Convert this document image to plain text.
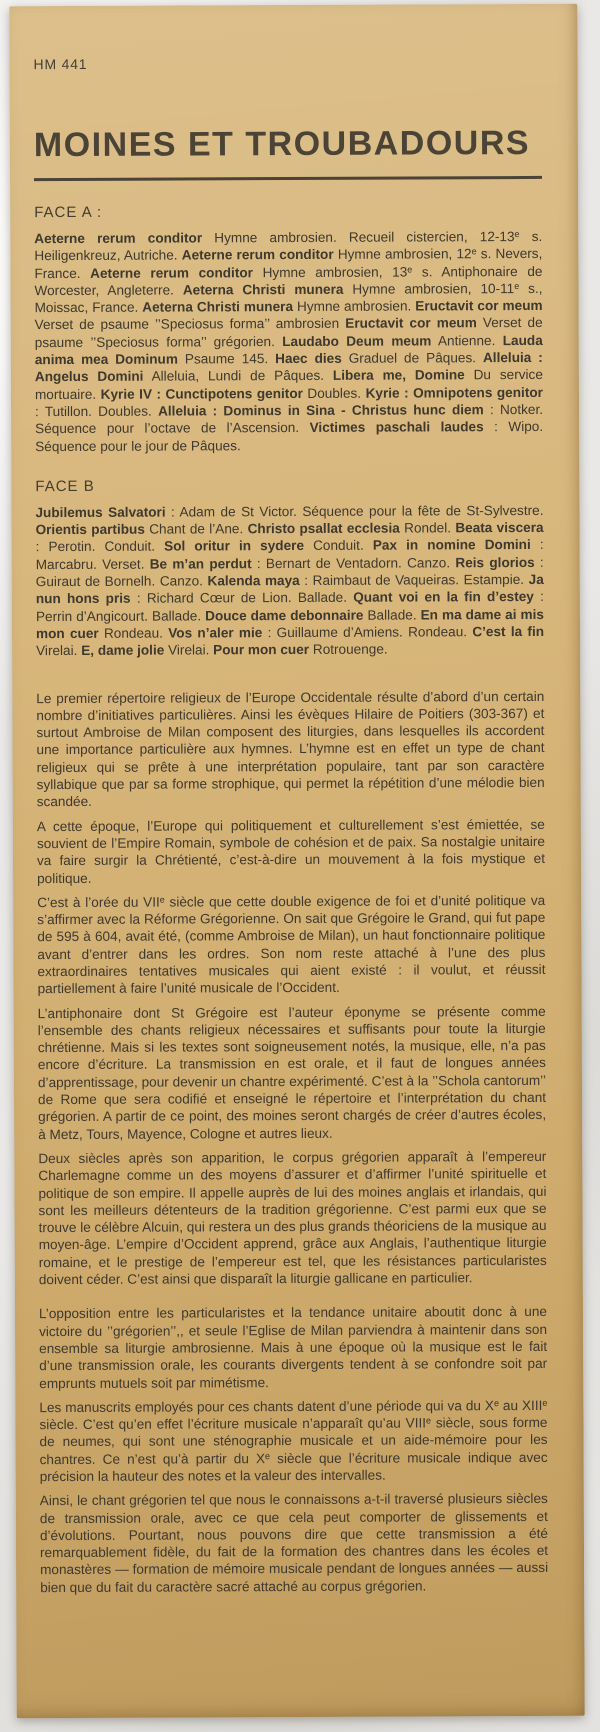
HM 441
MOINES ET TROUBADOURS
FACE A :

Aeterne rerum conditor Hymne ambrosien. Recueil cistercien, 12-13e s. Heiligenkreuz, Autriche. Aeterne rerum conditor Hymne ambrosien, 12e s. Nevers, France. Aeterne rerum conditor Hymne ambrosien, 13e s. Antiphonaire de Worcester, Angleterre. Aeterna Christi munera Hymne ambrosien, 10-11e s., Moissac, France. Aeterna Christi munera Hymne ambrosien. Eructavit cor meum Verset de psaume ’’Speciosus forma’’ ambrosien Eructavit cor meum Verset de psaume ’’Speciosus forma’’ grégorien. Laudabo Deum meum Antienne. Lauda anima mea Dominum Psaume 145. Haec dies Graduel de Pâques. Alleluia : Angelus Domini Alleluia, Lundi de Pâques. Libera me, Domine Du service mortuaire. Kyrie IV : Cunctipotens genitor Doubles. Kyrie : Omnipotens genitor : Tutillon. Doubles. Alleluia : Dominus in Sina - Christus hunc diem : Notker. Séquence pour l’octave de l’Ascension. Victimes paschali laudes : Wipo. Séquence pour le jour de Pâques.

FACE B

Jubilemus Salvatori : Adam de St Victor. Séquence pour la fête de St-Sylvestre. Orientis partibus Chant de l’Ane. Christo psallat ecclesia Rondel. Beata viscera : Perotin. Conduit. Sol oritur in sydere Conduit. Pax in nomine Domini : Marcabru. Verset. Be m’an perdut : Bernart de Ventadorn. Canzo. Reis glorios : Guiraut de Bornelh. Canzo. Kalenda maya : Raimbaut de Vaqueiras. Estampie. Ja nun hons pris : Richard Cœur de Lion. Ballade. Quant voi en la fin d’estey : Perrin d’Angicourt. Ballade. Douce dame debonnaire Ballade. En ma dame ai mis mon cuer Rondeau. Vos n’aler mie : Guillaume d’Amiens. Rondeau. C’est la fin Virelai. E, dame jolie Virelai. Pour mon cuer Rotrouenge.

Le premier répertoire religieux de l’Europe Occidentale résulte d’abord d’un certain nombre d’initiatives particulières. Ainsi les évèques Hilaire de Poitiers (303-367) et surtout Ambroise de Milan composent des liturgies, dans lesquelles ils accordent une importance particulière aux hymnes. L’hymne est en effet un type de chant religieux qui se prête à une interprétation populaire, tant par son caractère syllabique que par sa forme strophique, qui permet la répétition d’une mélodie bien scandée.

A cette époque, l’Europe qui politiquement et culturellement s’est émiettée, se souvient de l’Empire Romain, symbole de cohésion et de paix. Sa nostalgie unitaire va faire surgir la Chrétienté, c’est-à-dire un mouvement à la fois mystique et politique.

C’est à l’orée du VIIe siècle que cette double exigence de foi et d’unité politique va s’affirmer avec la Réforme Grégorienne. On sait que Grégoire le Grand, qui fut pape de 595 à 604, avait été, (comme Ambroise de Milan), un haut fonctionnaire politique avant d’entrer dans les ordres. Son nom reste attaché à l’une des plus extraordinaires tentatives musicales qui aient existé : il voulut, et réussit partiellement à faire l’unité musicale de l’Occident.

L’antiphonaire dont St Grégoire est l’auteur éponyme se présente comme l’ensemble des chants religieux nécessaires et suffisants pour toute la liturgie chrétienne. Mais si les textes sont soigneusement notés, la musique, elle, n’a pas encore d’écriture. La transmission en est orale, et il faut de longues années d’apprentissage, pour devenir un chantre expérimenté. C’est à la ’’Schola cantorum’’ de Rome que sera codifié et enseigné le répertoire et l’interprétation du chant grégorien. A partir de ce point, des moines seront chargés de créer d’autres écoles, à Metz, Tours, Mayence, Cologne et autres lieux.

Deux siècles après son apparition, le corpus grégorien apparaît à l’empereur Charlemagne comme un des moyens d’assurer et d’affirmer l’unité spirituelle et politique de son empire. Il appelle auprès de lui des moines anglais et irlandais, qui sont les meilleurs détenteurs de la tradition grégorienne. C’est parmi eux que se trouve le célèbre Alcuin, qui restera un des plus grands théoriciens de la musique au moyen-âge. L’empire d’Occident apprend, grâce aux Anglais, l’authentique liturgie romaine, et le prestige de l’empereur est tel, que les résistances particularistes doivent céder. C’est ainsi que disparaît la liturgie gallicane en particulier.

L’opposition entre les particularistes et la tendance unitaire aboutit donc à une victoire du ’’grégorien’’,, et seule l’Eglise de Milan parviendra à maintenir dans son ensemble sa liturgie ambrosienne. Mais à une époque où la musique est le fait d’une transmission orale, les courants divergents tendent à se confondre soit par emprunts mutuels soit par mimétisme.

Les manuscrits employés pour ces chants datent d’une période qui va du Xe au XIIIe siècle. C’est qu’en effet l’écriture musicale n’apparaît qu’au VIIIe siècle, sous forme de neumes, qui sont une sténographie musicale et un aide-mémoire pour les chantres. Ce n’est qu’à partir du Xe siècle que l’écriture musicale indique avec précision la hauteur des notes et la valeur des intervalles.

Ainsi, le chant grégorien tel que nous le connaissons a-t-il traversé plusieurs siècles de transmission orale, avec ce que cela peut comporter de glissements et d’évolutions. Pourtant, nous pouvons dire que cette transmission a été remarquablement fidèle, du fait de la formation des chantres dans les écoles et monastères — formation de mémoire musicale pendant de longues années — aussi bien que du fait du caractère sacré attaché au corpus grégorien.
